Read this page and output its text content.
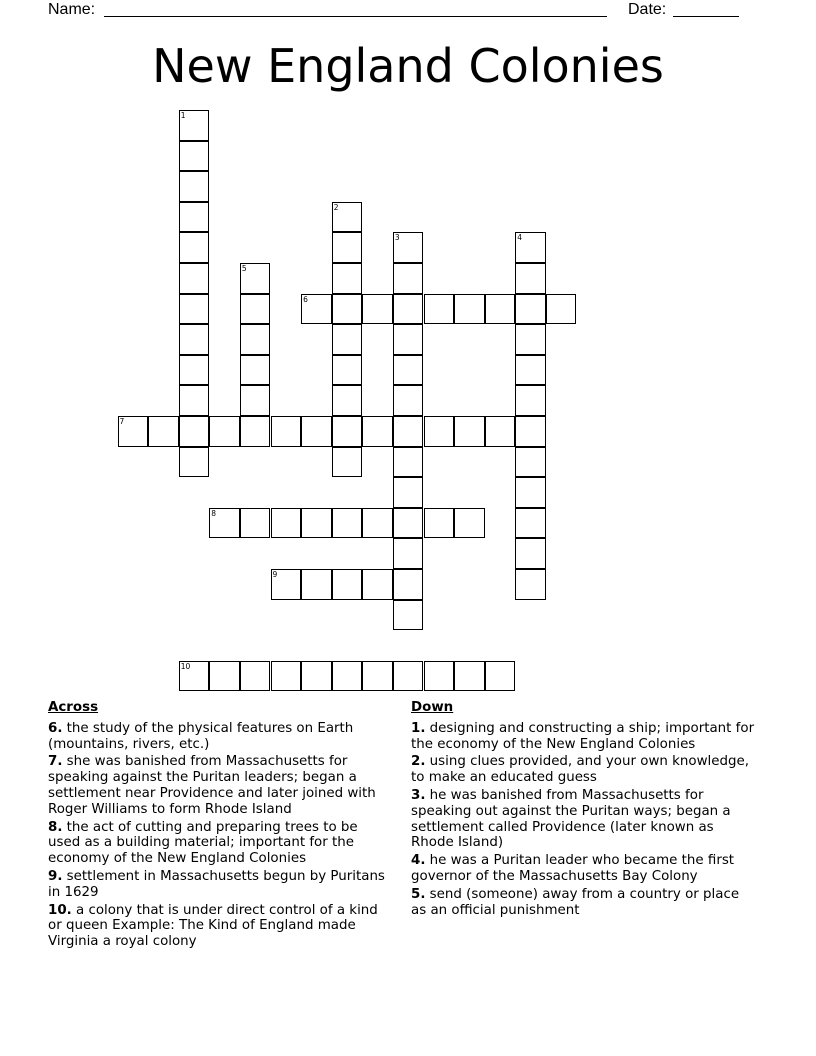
Name:	Date:
New England Colonies
1
2
3	4
5
6
7
8
9
10
Across
6. the study of the physical features on Earth (mountains, rivers, etc.)
7. she was banished from Massachusetts for speaking against the Puritan leaders; began a settlement near Providence and later joined with Roger Williams to form Rhode Island
8. the act of cutting and preparing trees to be used as a building material; important for the economy of the New England Colonies
9. settlement in Massachusetts begun by Puritans in 1629
10. a colony that is under direct control of a kind or queen Example: The Kind of England made Virginia a royal colony
Down
1. designing and constructing a ship; important for the economy of the New England Colonies
2. using clues provided, and your own knowledge, to make an educated guess
3. he was banished from Massachusetts for speaking out against the Puritan ways; began a settlement called Providence (later known as Rhode Island)
4. he was a Puritan leader who became the first governor of the Massachusetts Bay Colony
5. send (someone) away from a country or place as an official punishment
